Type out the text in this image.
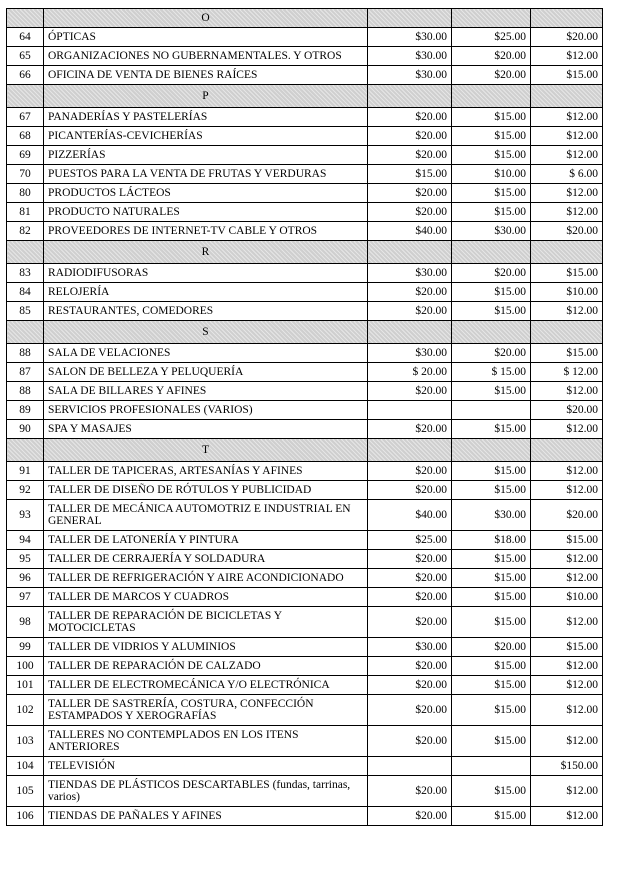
	O			
64	ÓPTICAS	$30.00	$25.00	$20.00
65	ORGANIZACIONES NO GUBERNAMENTALES. Y OTROS	$30.00	$20.00	$12.00
66	OFICINA DE VENTA DE BIENES RAÍCES	$30.00	$20.00	$15.00
	P			
67	PANADERÍAS Y PASTELERÍAS	$20.00	$15.00	$12.00
68	PICANTERÍAS-CEVICHERÍAS	$20.00	$15.00	$12.00
69	PIZZERÍAS	$20.00	$15.00	$12.00
70	PUESTOS PARA LA VENTA DE FRUTAS Y VERDURAS	$15.00	$10.00	$ 6.00
80	PRODUCTOS LÁCTEOS	$20.00	$15.00	$12.00
81	PRODUCTO NATURALES	$20.00	$15.00	$12.00
82	PROVEEDORES DE INTERNET-TV CABLE Y OTROS	$40.00	$30.00	$20.00
	R			
83	RADIODIFUSORAS	$30.00	$20.00	$15.00
84	RELOJERÍA	$20.00	$15.00	$10.00
85	RESTAURANTES, COMEDORES	$20.00	$15.00	$12.00
	S			
88	SALA DE VELACIONES	$30.00	$20.00	$15.00
87	SALON DE BELLEZA Y PELUQUERÍA	$ 20.00	$ 15.00	$ 12.00
88	SALA DE BILLARES Y AFINES	$20.00	$15.00	$12.00
89	SERVICIOS PROFESIONALES (VARIOS)			$20.00
90	SPA Y MASAJES	$20.00	$15.00	$12.00
	T			
91	TALLER DE TAPICERAS, ARTESANÍAS Y AFINES	$20.00	$15.00	$12.00
92	TALLER DE DISEÑO DE RÓTULOS Y PUBLICIDAD	$20.00	$15.00	$12.00
93	TALLER DE MECÁNICA AUTOMOTRIZ E INDUSTRIAL EN GENERAL	$40.00	$30.00	$20.00
94	TALLER DE LATONERÍA Y PINTURA	$25.00	$18.00	$15.00
95	TALLER DE CERRAJERÍA Y SOLDADURA	$20.00	$15.00	$12.00
96	TALLER DE REFRIGERACIÓN Y AIRE ACONDICIONADO	$20.00	$15.00	$12.00
97	TALLER DE MARCOS Y CUADROS	$20.00	$15.00	$10.00
98	TALLER DE REPARACIÓN DE BICICLETAS Y MOTOCICLETAS	$20.00	$15.00	$12.00
99	TALLER DE VIDRIOS Y ALUMINIOS	$30.00	$20.00	$15.00
100	TALLER DE REPARACIÓN DE CALZADO	$20.00	$15.00	$12.00
101	TALLER DE ELECTROMECÁNICA Y/O ELECTRÓNICA	$20.00	$15.00	$12.00
102	TALLER DE SASTRERÍA, COSTURA, CONFECCIÓN ESTAMPADOS Y XEROGRAFÍAS	$20.00	$15.00	$12.00
103	TALLERES NO CONTEMPLADOS EN LOS ITENS ANTERIORES	$20.00	$15.00	$12.00
104	TELEVISIÓN			$150.00
105	TIENDAS DE PLÁSTICOS DESCARTABLES (fundas, tarrinas, varios)	$20.00	$15.00	$12.00
106	TIENDAS DE PAÑALES Y AFINES	$20.00	$15.00	$12.00
